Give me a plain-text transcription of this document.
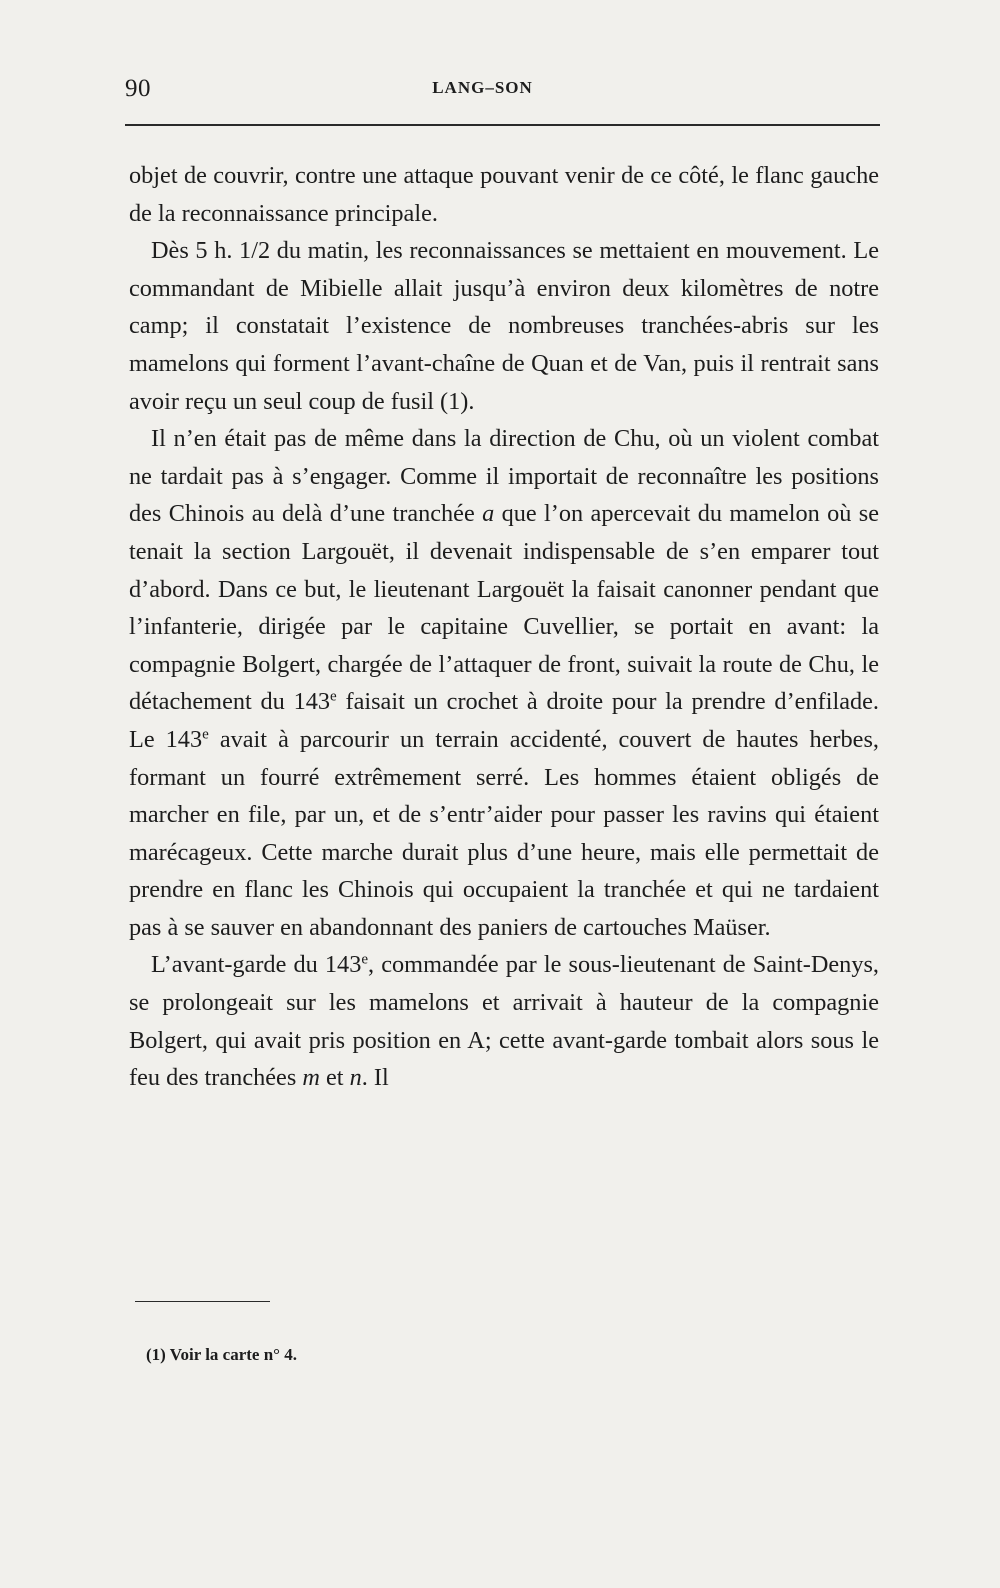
90	LANG–SON

objet de couvrir, contre une attaque pouvant venir de ce côté, le flanc gauche de la reconnaissance principale.

Dès 5 h. 1/2 du matin, les reconnaissances se mettaient en mouvement. Le commandant de Mibielle allait jusqu’à environ deux kilomètres de notre camp; il constatait l’existence de nombreuses tranchées-abris sur les mamelons qui forment l’avant-chaîne de Quan et de Van, puis il rentrait sans avoir reçu un seul coup de fusil (1).

Il n’en était pas de même dans la direction de Chu, où un violent combat ne tardait pas à s’engager. Comme il importait de reconnaître les positions des Chinois au delà d’une tranchée a que l’on apercevait du mamelon où se tenait la section Largouët, il devenait indispensable de s’en emparer tout d’abord. Dans ce but, le lieutenant Largouët la faisait canonner pendant que l’infanterie, dirigée par le capitaine Cuvellier, se portait en avant: la compagnie Bolgert, chargée de l’attaquer de front, suivait la route de Chu, le détachement du 143e faisait un crochet à droite pour la prendre d’enfilade. Le 143e avait à parcourir un terrain accidenté, couvert de hautes herbes, formant un fourré extrêmement serré. Les hommes étaient obligés de marcher en file, par un, et de s’entr’aider pour passer les ravins qui étaient marécageux. Cette marche durait plus d’une heure, mais elle permettait de prendre en flanc les Chinois qui occupaient la tranchée et qui ne tardaient pas à se sauver en abandonnant des paniers de cartouches Maüser.

L’avant-garde du 143e, commandée par le sous-lieutenant de Saint-Denys, se prolongeait sur les mamelons et arrivait à hauteur de la compagnie Bolgert, qui avait pris position en A; cette avant-garde tombait alors sous le feu des tranchées m et n. Il

(1) Voir la carte n° 4.
